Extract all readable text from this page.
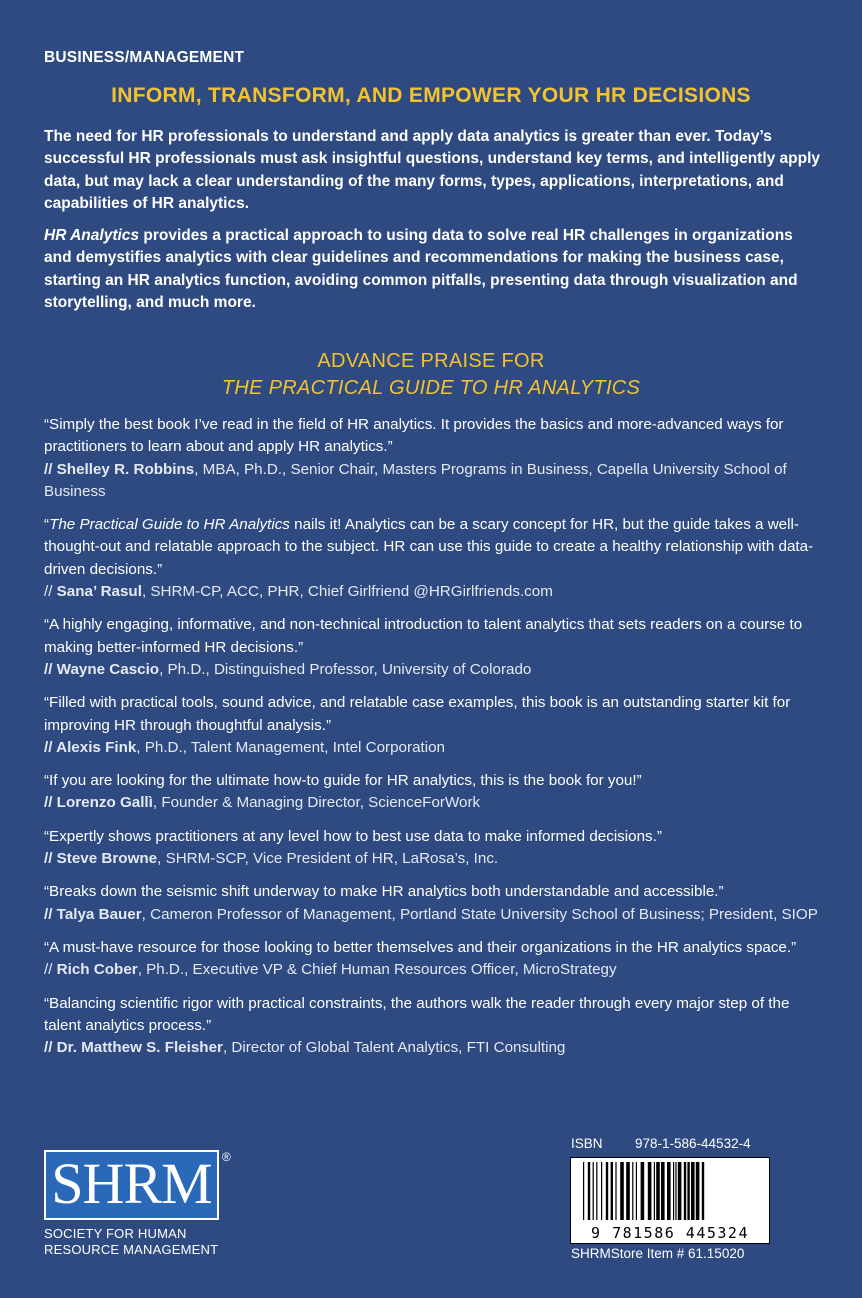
BUSINESS/MANAGEMENT
INFORM, TRANSFORM, AND EMPOWER YOUR HR DECISIONS

The need for HR professionals to understand and apply data analytics is greater than ever. Today’s successful HR professionals must ask insightful questions, understand key terms, and intelligently apply data, but may lack a clear understanding of the many forms, types, applications, interpretations, and capabilities of HR analytics.

HR Analytics provides a practical approach to using data to solve real HR challenges in organizations and demystifies analytics with clear guidelines and recommendations for making the business case, starting an HR analytics function, avoiding common pitfalls, presenting data through visualization and storytelling, and much more.

ADVANCE PRAISE FOR
THE PRACTICAL GUIDE TO HR ANALYTICS
“Simply the best book I’ve read in the field of HR analytics. It provides the basics and more-advanced ways for practitioners to learn about and apply HR analytics.”
// Shelley R. Robbins, MBA, Ph.D., Senior Chair, Masters Programs in Business, Capella University School of Business
“The Practical Guide to HR Analytics nails it! Analytics can be a scary concept for HR, but the guide takes a well-thought-out and relatable approach to the subject. HR can use this guide to create a healthy relationship with data-driven decisions.”
// Sana’ Rasul, SHRM-CP, ACC, PHR, Chief Girlfriend @HRGirlfriends.com
“A highly engaging, informative, and non-technical introduction to talent analytics that sets readers on a course to making better-informed HR decisions.”
// Wayne Cascio, Ph.D., Distinguished Professor, University of Colorado
“Filled with practical tools, sound advice, and relatable case examples, this book is an outstanding starter kit for improving HR through thoughtful analysis.”
// Alexis Fink, Ph.D., Talent Management, Intel Corporation
“If you are looking for the ultimate how-to guide for HR analytics, this is the book for you!”
// Lorenzo Gallì, Founder & Managing Director, ScienceForWork
“Expertly shows practitioners at any level how to best use data to make informed decisions.”
// Steve Browne, SHRM-SCP, Vice President of HR, LaRosa’s, Inc.
“Breaks down the seismic shift underway to make HR analytics both understandable and accessible.”
// Talya Bauer, Cameron Professor of Management, Portland State University School of Business; President, SIOP
“A must-have resource for those looking to better themselves and their organizations in the HR analytics space.”
// Rich Cober, Ph.D., Executive VP & Chief Human Resources Officer, MicroStrategy
“Balancing scientific rigor with practical constraints, the authors walk the reader through every major step of the talent analytics process.”
// Dr. Matthew S. Fleisher, Director of Global Talent Analytics, FTI Consulting
SHRM ®
SOCIETY FOR HUMAN
RESOURCE MANAGEMENT
ISBN 978-1-586-44532-4
9 781586 445324
SHRMStore Item # 61.15020
